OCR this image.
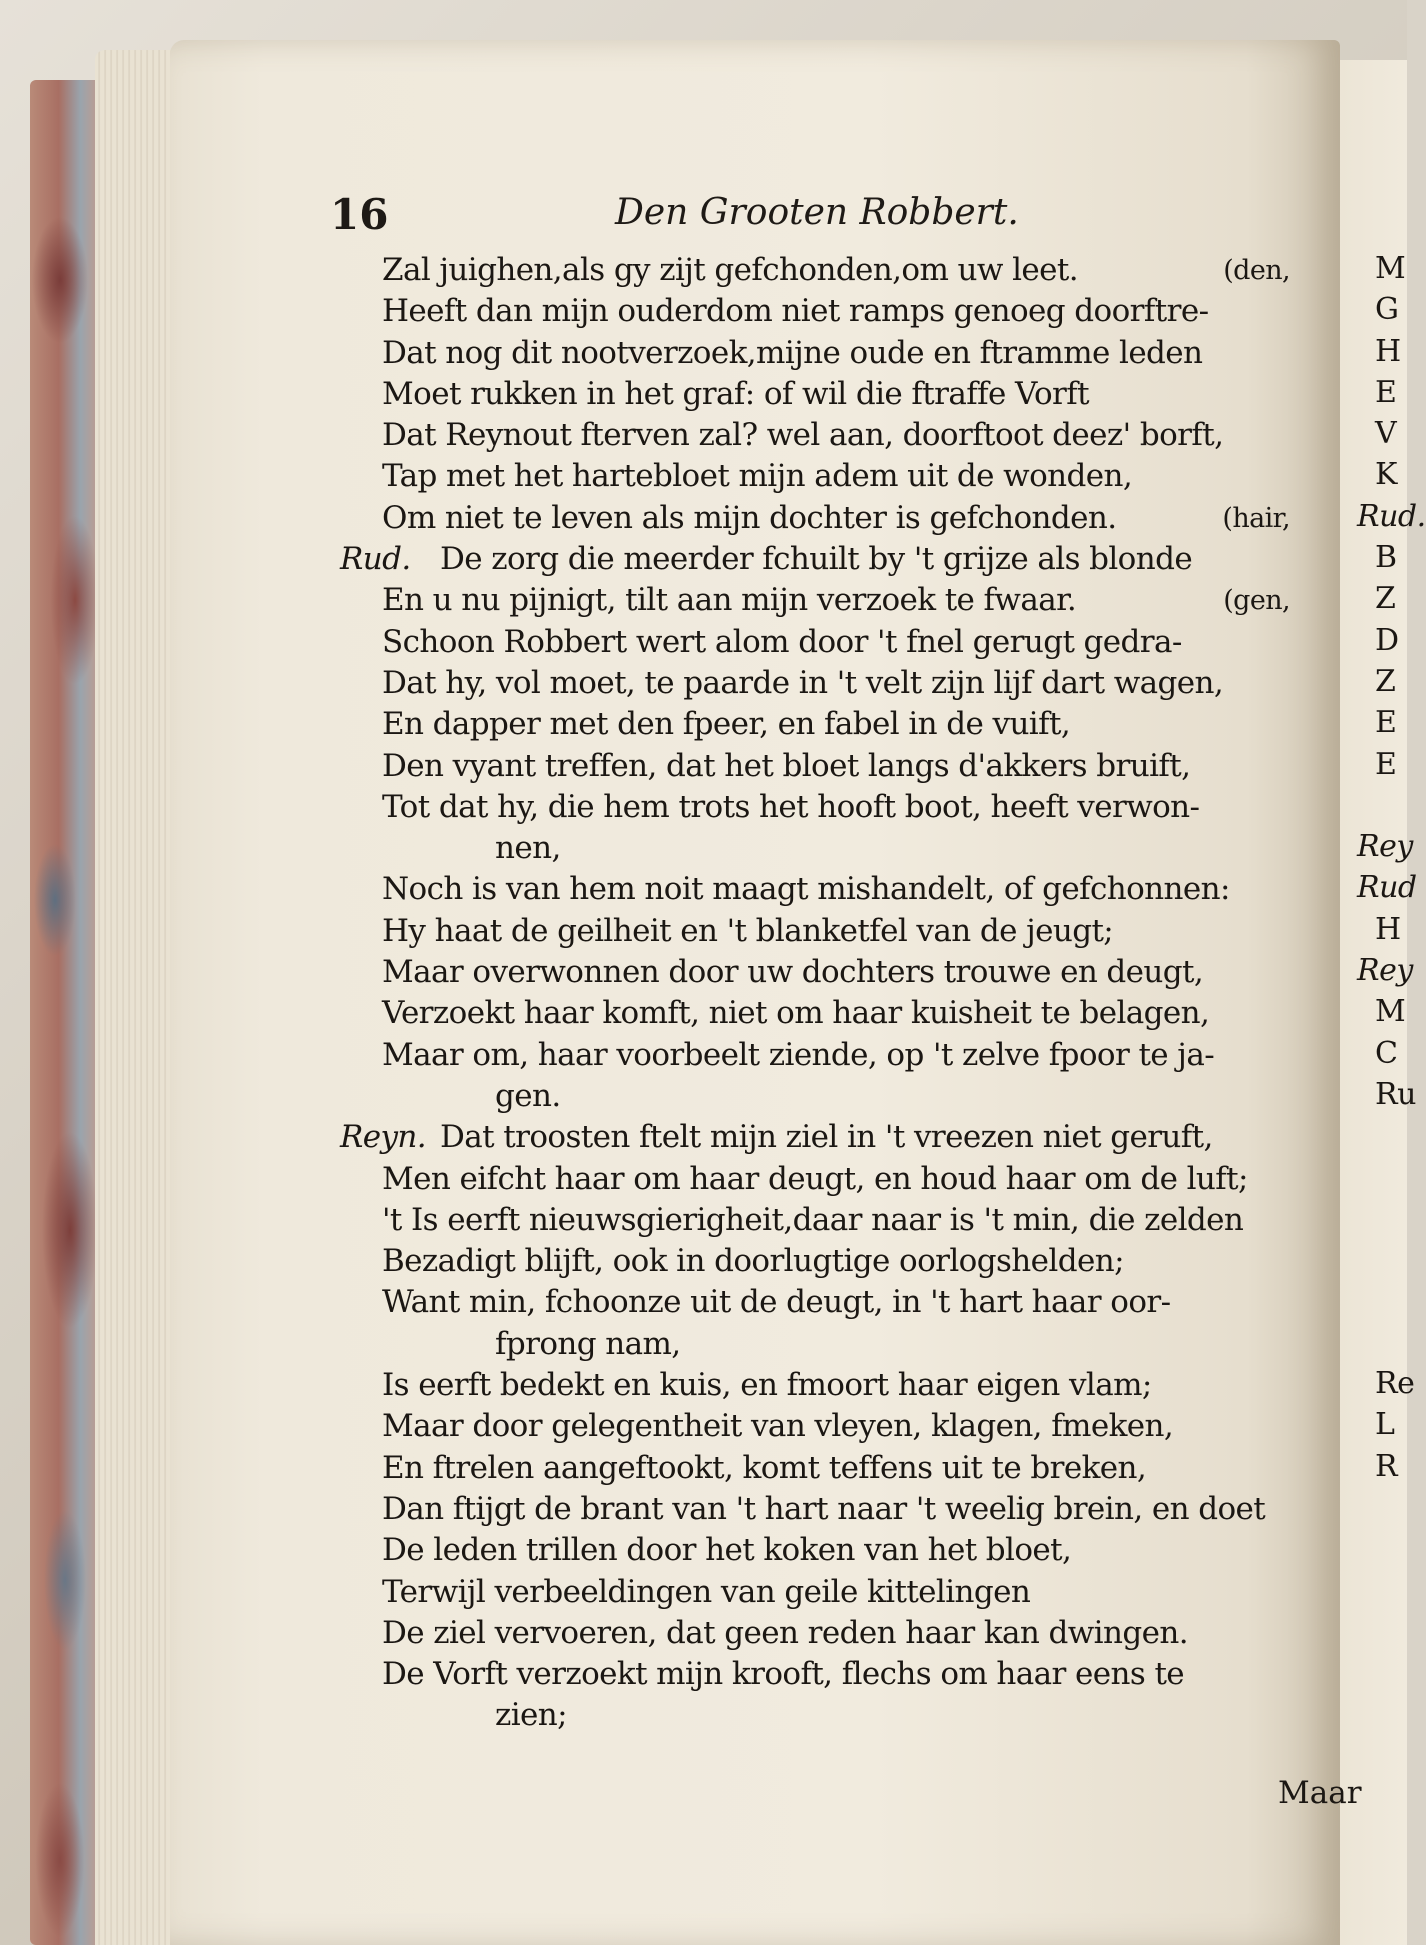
16	Den Grooten Robbert.
Zal juighen,als gy zijt gefchonden,om uw leet.	(den,
Heeft dan mijn ouderdom niet ramps genoeg doorftre-
Dat nog dit nootverzoek,mijne oude en ftramme leden
Moet rukken in het graf: of wil die ftraffe Vorft
Dat Reynout fterven zal? wel aan, doorftoot deez' borft,
Tap met het hartebloet mijn adem uit de wonden,
Om niet te leven als mijn dochter is gefchonden.	(hair,
Rud. De zorg die meerder fchuilt by 't grijze als blonde
En u nu pijnigt, tilt aan mijn verzoek te fwaar.	(gen,
Schoon Robbert wert alom door 't fnel gerugt gedra-
Dat hy, vol moet, te paarde in 't velt zijn lijf dart wagen,
En dapper met den fpeer, en fabel in de vuift,
Den vyant treffen, dat het bloet langs d'akkers bruift,
Tot dat hy, die hem trots het hooft boot, heeft verwon-
nen,
Noch is van hem noit maagt mishandelt, of gefchonnen:
Hy haat de geilheit en 't blanketfel van de jeugt;
Maar overwonnen door uw dochters trouwe en deugt,
Verzoekt haar komft, niet om haar kuisheit te belagen,
Maar om, haar voorbeelt ziende, op 't zelve fpoor te ja-
gen.
Reyn. Dat troosten ftelt mijn ziel in 't vreezen niet geruft,
Men eifcht haar om haar deugt, en houd haar om de luft;
't Is eerft nieuwsgierigheit,daar naar is 't min, die zelden
Bezadigt blijft, ook in doorlugtige oorlogshelden;
Want min, fchoonze uit de deugt, in 't hart haar oor-
fprong nam,
Is eerft bedekt en kuis, en fmoort haar eigen vlam;
Maar door gelegentheit van vleyen, klagen, fmeken,
En ftrelen aangeftookt, komt teffens uit te breken,
Dan ftijgt de brant van 't hart naar 't weelig brein, en doet
De leden trillen door het koken van het bloet,
Terwijl verbeeldingen van geile kittelingen
De ziel vervoeren, dat geen reden haar kan dwingen.
De Vorft verzoekt mijn krooft, flechs om haar eens te
zien;
Maar
M
G
H
E
V
K
Rud.
B
Z
D
Z
E
E
Rey
Rud
H
Rey
M
C
Ru
Re
L
R
